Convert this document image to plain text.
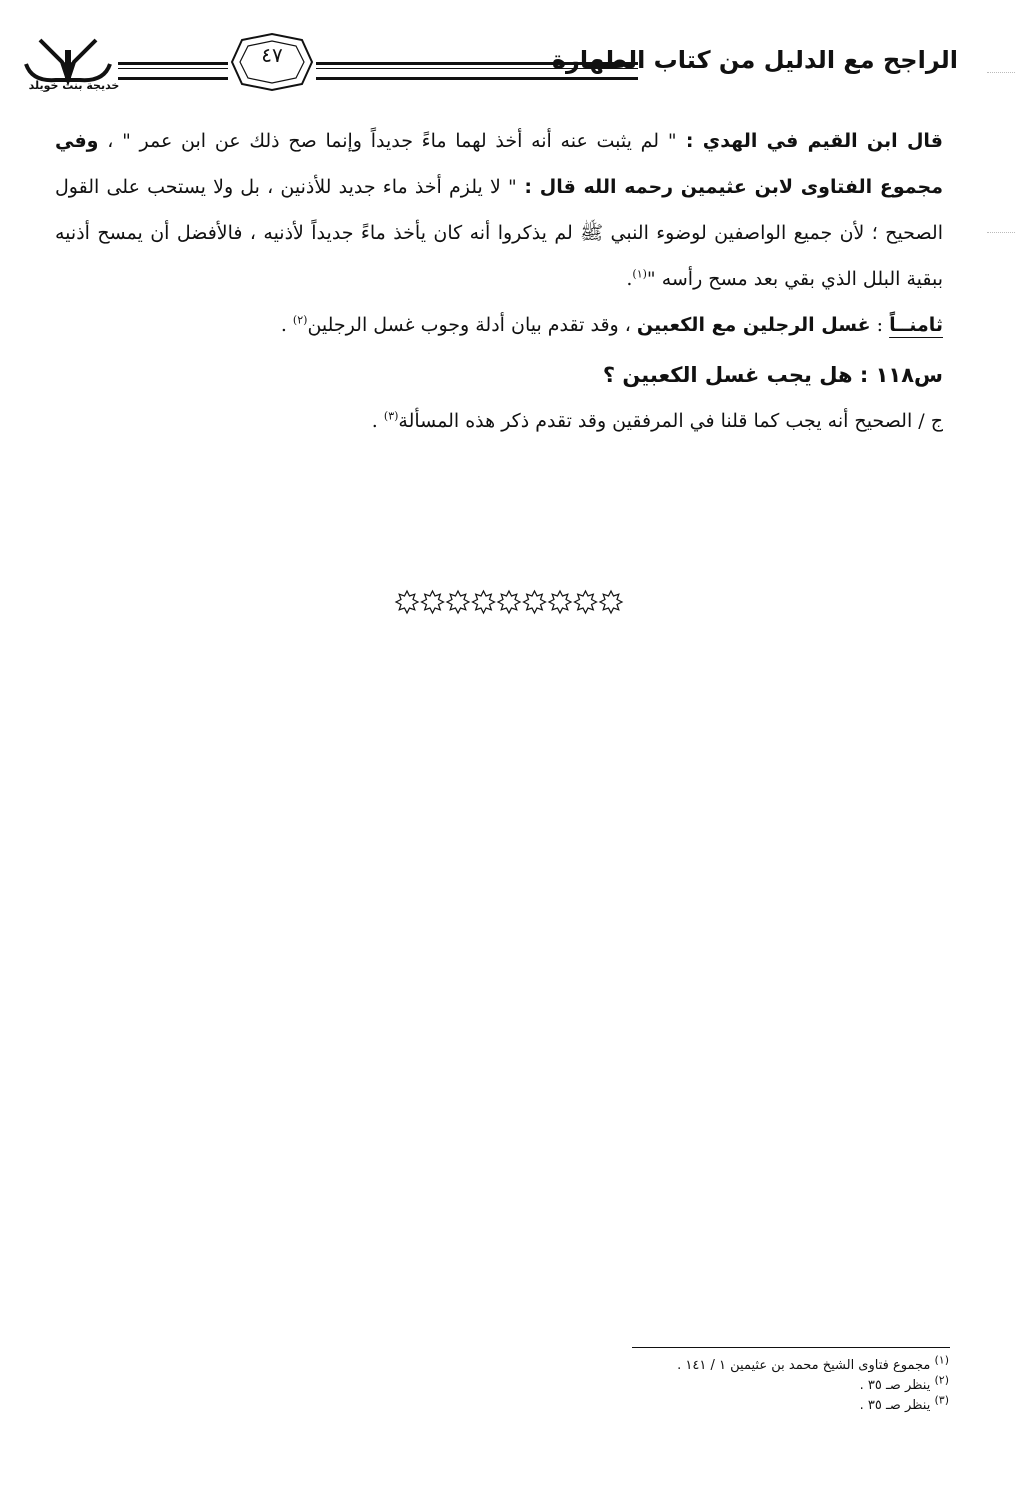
خديجة بنت خويلد
٤٧	الراجح مع الدليل من كتاب الطهارة

قال ابن القيم في الهدي : " لم يثبت عنه أنه أخذ لهما ماءً جديداً وإنما صح ذلك عن ابن عمر " ، وفي مجموع الفتاوى لابن عثيمين رحمه الله قال : " لا يلزم أخذ ماء جديد للأذنين ، بل ولا يستحب على القول الصحيح ؛ لأن جميع الواصفين لوضوء النبي ﷺ لم يذكروا أنه كان يأخذ ماءً جديداً لأذنيه ، فالأفضل أن يمسح أذنيه ببقية البلل الذي بقي بعد مسح رأسه "$^{(١)}$.

ثامنــاً : غسل الرجلين مع الكعبين ، وقد تقدم بيان أدلة وجوب غسل الرجلين$^{(٢)}$ .

س١١٨ : هل يجب غسل الكعبين ؟

ج / الصحيح أنه يجب كما قلنا في المرفقين وقد تقدم ذكر هذه المسألة$^{(٣)}$ .

$^{(١)}$ مجموع فتاوى الشيخ محمد بن عثيمين ١ / ١٤١ .
$^{(٢)}$ ينظر صـ ٣٥ .
$^{(٣)}$ ينظر صـ ٣٥ .
